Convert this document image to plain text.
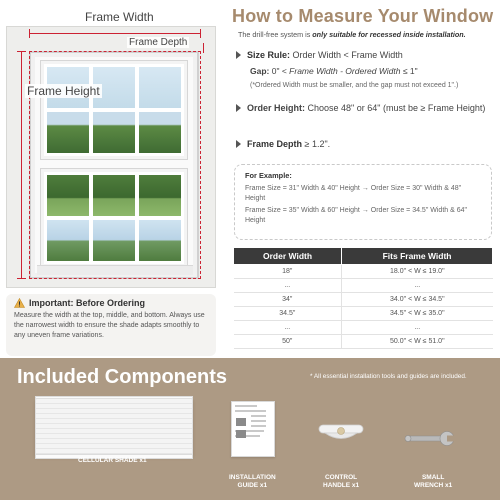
Frame Width
Frame Depth
Frame Height
Important: Before Ordering
Measure the width at the top, middle, and bottom. Always use the narrowest width to ensure the shade adapts smoothly to any uneven frame variations.
How to Measure Your Window
The drill-free system is only suitable for recessed inside installation.
Size Rule: Order Width < Frame Width
Gap: 0" < Frame Width - Ordered Width ≤ 1"
(*Ordered Width must be smaller, and the gap must not exceed 1".)
Order Height: Choose 48" or 64" (must be ≥ Frame Height)
Frame Depth ≥ 1.2".
For Example:
Frame Size = 31" Width & 40" Height → Order Size = 30" Width & 48" Height
Frame Size = 35" Width & 60" Height → Order Size = 34.5" Width & 64" Height
Order Width	Fits Frame Width
18"	18.0" < W ≤ 19.0"
...	...
34"	34.0" < W ≤ 34.5"
34.5"	34.5" < W ≤ 35.0"
...	...
50"	50.0" < W ≤ 51.0"
Included Components	* All essential installation tools and guides are included.
CELLULAR SHADE x1
INSTALLATION
GUIDE x1
CONTROL
HANDLE x1
SMALL
WRENCH x1
